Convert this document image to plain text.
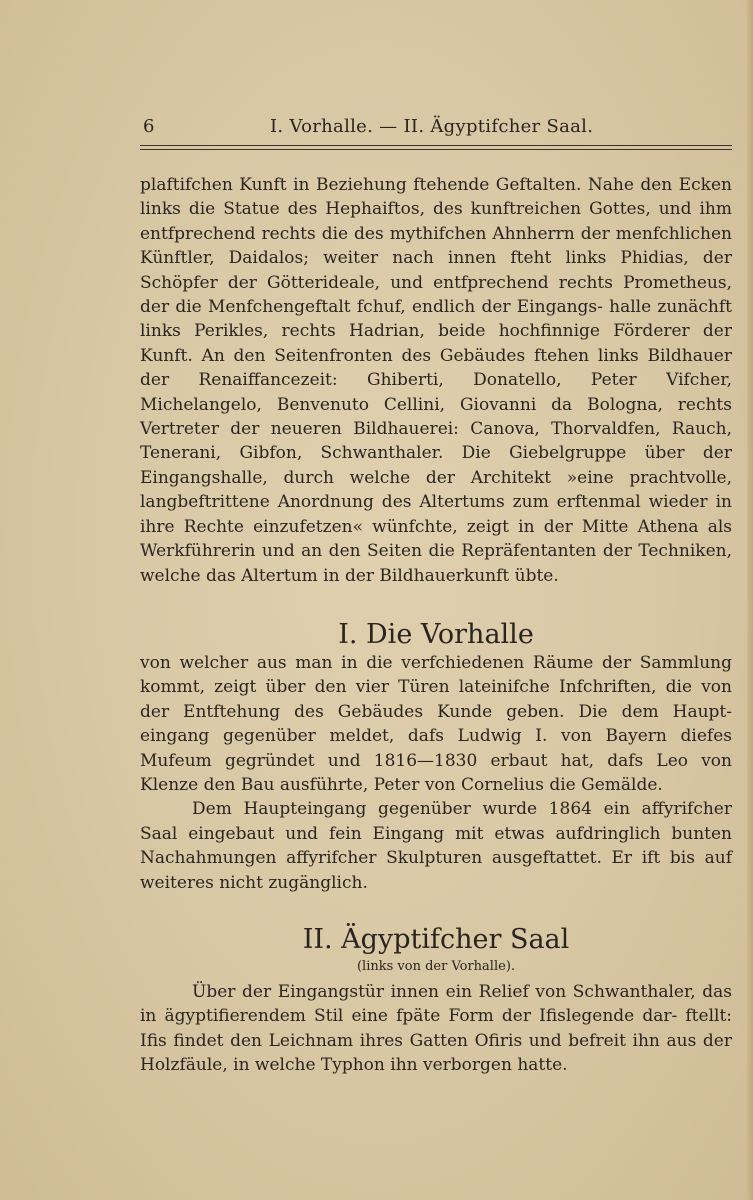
6	I. Vorhalle. — II. Ägyptifcher Saal.

plaftifchen Kunft in Beziehung ftehende Geftalten. Nahe den Ecken links die Statue des Hephaiftos, des kunftreichen Gottes, und ihm entfprechend rechts die des mythifchen Ahnherrn der menfchlichen Künftler, Daidalos; weiter nach innen fteht links Phidias, der Schöpfer der Götterideale, und entfprechend rechts Prometheus, der die Menfchengeftalt fchuf, endlich der Eingangs- halle zunächft links Perikles, rechts Hadrian, beide hochfinnige Förderer der Kunft. An den Seitenfronten des Gebäudes ftehen links Bildhauer der Renaiffancezeit: Ghiberti, Donatello, Peter Vifcher, Michelangelo, Benvenuto Cellini, Giovanni da Bologna, rechts Vertreter der neueren Bildhauerei: Canova, Thorvaldfen, Rauch, Tenerani, Gibfon, Schwanthaler. Die Giebelgruppe über der Eingangshalle, durch welche der Architekt »eine prachtvolle, langbeftrittene Anordnung des Altertums zum erftenmal wieder in ihre Rechte einzufetzen« wünfchte, zeigt in der Mitte Athena als Werkführerin und an den Seiten die Repräfentanten der Techniken, welche das Altertum in der Bildhauerkunft übte.

I. Die Vorhalle

von welcher aus man in die verfchiedenen Räume der Sammlung kommt, zeigt über den vier Türen lateinifche Infchriften, die von der Entftehung des Gebäudes Kunde geben. Die dem Haupt- eingang gegenüber meldet, dafs Ludwig I. von Bayern diefes Mufeum gegründet und 1816—1830 erbaut hat, dafs Leo von Klenze den Bau ausführte, Peter von Cornelius die Gemälde.

Dem Haupteingang gegenüber wurde 1864 ein affyrifcher Saal eingebaut und fein Eingang mit etwas aufdringlich bunten Nachahmungen affyrifcher Skulpturen ausgeftattet. Er ift bis auf weiteres nicht zugänglich.

II. Ägyptifcher Saal
(links von der Vorhalle).

Über der Eingangstür innen ein Relief von Schwanthaler, das in ägyptifierendem Stil eine fpäte Form der Ifislegende dar- ftellt: Ifis findet den Leichnam ihres Gatten Ofiris und befreit ihn aus der Holzfäule, in welche Typhon ihn verborgen hatte.
